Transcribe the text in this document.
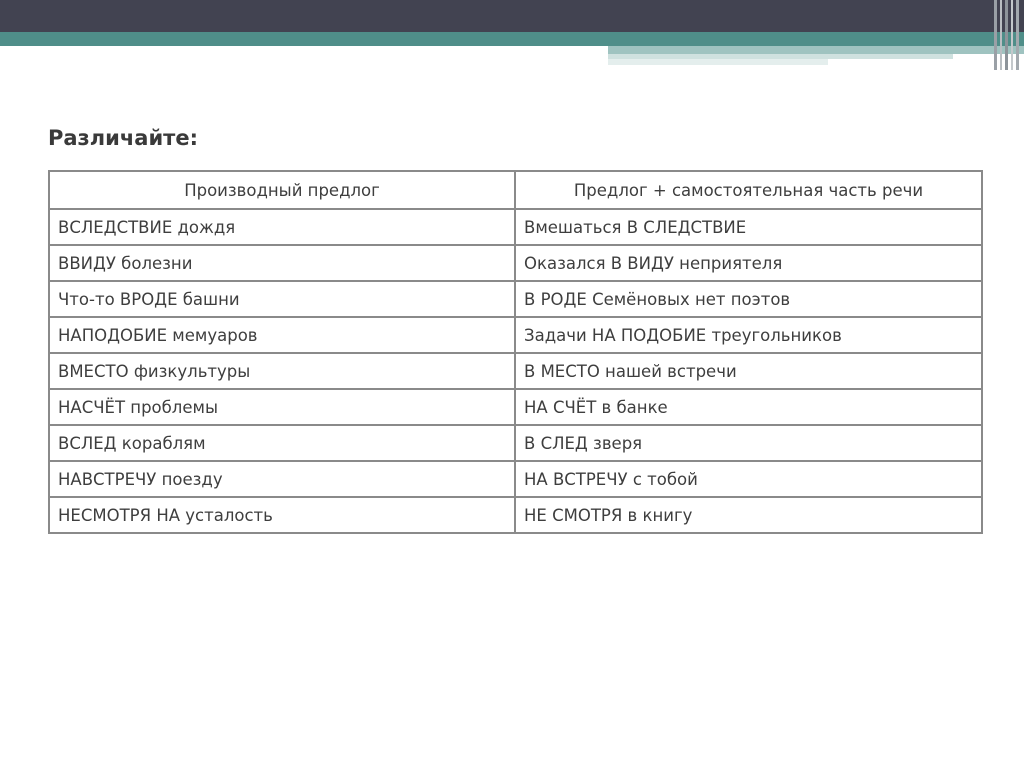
Различайте:
Производный предлог	Предлог + самостоятельная часть речи
ВСЛЕДСТВИЕ дождя	Вмешаться В СЛЕДСТВИЕ
ВВИДУ болезни	Оказался В ВИДУ неприятеля
Что-то ВРОДЕ башни	В РОДЕ Семёновых нет поэтов
НАПОДОБИЕ мемуаров	Задачи НА ПОДОБИЕ треугольников
ВМЕСТО физкультуры	В МЕСТО нашей встречи
НАСЧЁТ проблемы	НА СЧЁТ в банке
ВСЛЕД кораблям	В СЛЕД зверя
НАВСТРЕЧУ поезду	НА ВСТРЕЧУ с тобой
НЕСМОТРЯ НА усталость	НЕ СМОТРЯ в книгу
